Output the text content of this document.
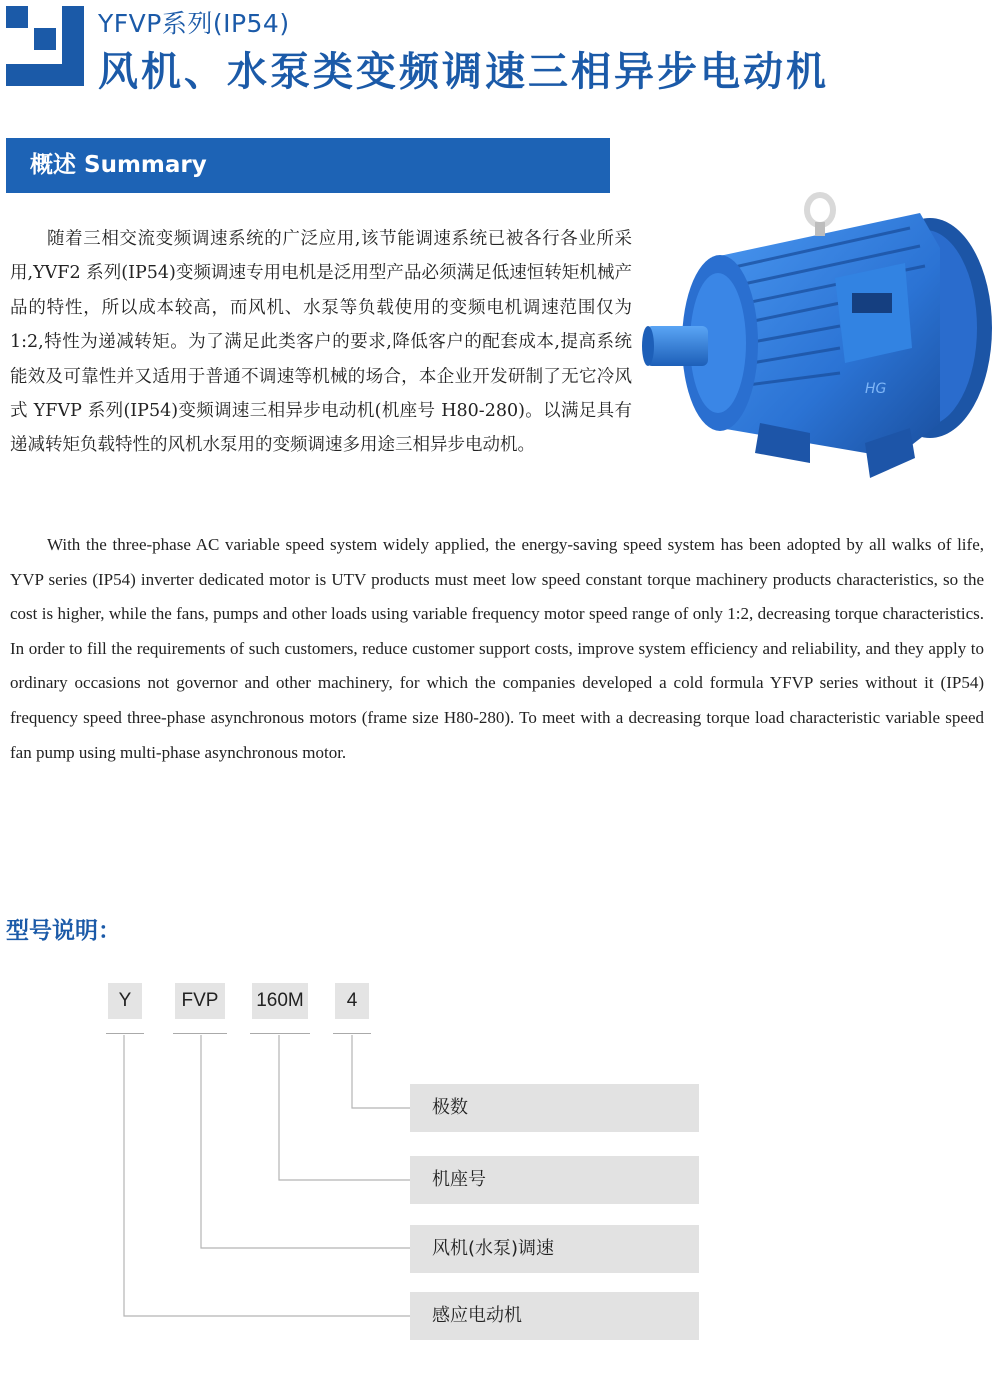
YFVP系列(IP54)
风机、水泵类变频调速三相异步电动机
概述 Summary

随着三相交流变频调速系统的广泛应用,该节能调速系统已被各行各业所采用,YVF2 系列(IP54)变频调速专用电机是泛用型产品必须满足低速恒转矩机械产品的特性，所以成本较高，而风机、水泵等负载使用的变频电机调速范围仅为 1:2,特性为递减转矩。为了满足此类客户的要求,降低客户的配套成本,提高系统能效及可靠性并又适用于普通不调速等机械的场合，本企业开发研制了无它冷风式 YFVP 系列(IP54)变频调速三相异步电动机(机座号 H80-280)。以满足具有递减转矩负载特性的风机水泵用的变频调速多用途三相异步电动机。

HG

With the three-phase AC variable speed system widely applied, the energy-saving speed system has been adopted by all walks of life, YVP series (IP54) inverter dedicated motor is UTV products must meet low speed constant torque machinery products characteristics, so the cost is higher, while the fans, pumps and other loads using variable frequency motor speed range of only 1:2, decreasing torque characteristics. In order to fill the requirements of such customers, reduce customer support costs, improve system efficiency and reliability, and they apply to ordinary occasions not governor and other machinery, for which the companies developed a cold formula YFVP series without it (IP54) frequency speed three-phase asynchronous motors (frame size H80-280). To meet with a decreasing torque load characteristic variable speed fan pump using multi-phase asynchronous motor.

型号说明：
Y	FVP	160M	4
极数
机座号
风机(水泵)调速
感应电动机
